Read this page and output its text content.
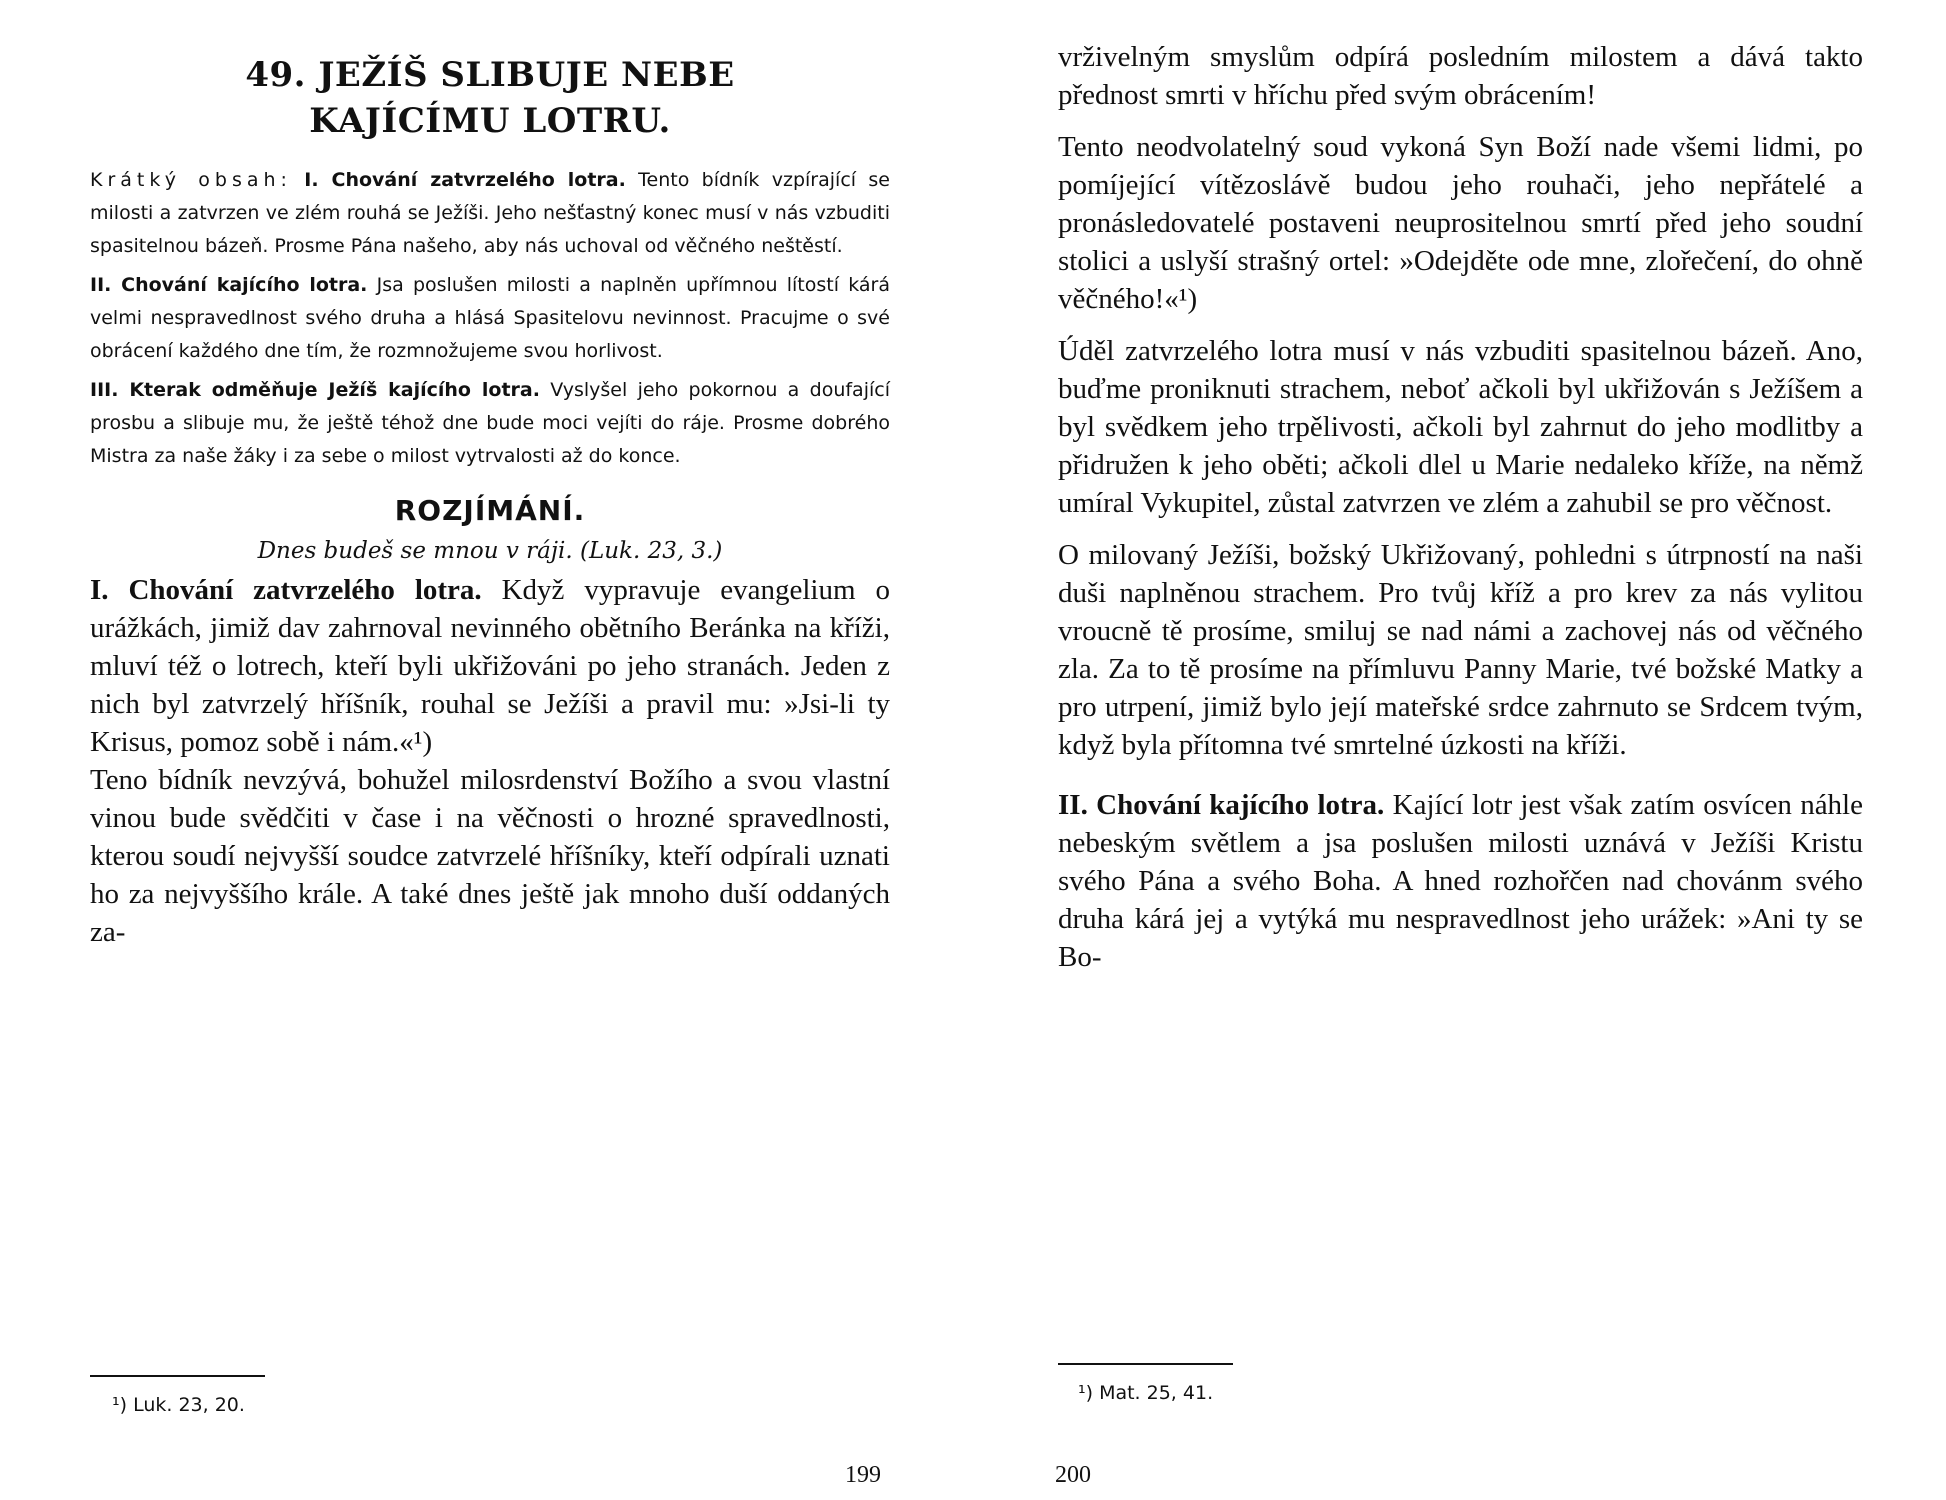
49. JEŽÍŠ SLIBUJE NEBE
KAJÍCÍMU LOTRU.

Krátký obsah: I. Chování zatvrzelého lotra. Tento bídník vzpírající se milosti a zatvrzen ve zlém rouhá se Ježíši. Jeho nešťastný konec musí v nás vzbuditi spasitelnou bázeň. Prosme Pána našeho, aby nás uchoval od věčného neštěstí.

II. Chování kajícího lotra. Jsa poslušen milosti a naplněn upřímnou lítostí kárá velmi nespravedlnost svého druha a hlásá Spasitelovu nevinnost. Pracujme o své obrácení každého dne tím, že rozmnožujeme svou horlivost.

III. Kterak odměňuje Ježíš kajícího lotra. Vyslyšel jeho pokornou a doufající prosbu a slibuje mu, že ještě téhož dne bude moci vejíti do ráje. Prosme dobrého Mistra za naše žáky i za sebe o milost vytrvalosti až do konce.

ROZJÍMÁNÍ.

Dnes budeš se mnou v ráji. (Luk. 23, 3.)

I. Chování zatvrzelého lotra. Když vypravuje evangelium o urážkách, jimiž dav zahrnoval nevinného obětního Beránka na kříži, mluví též o lotrech, kteří byli ukřižováni po jeho stranách. Jeden z nich byl zatvrzelý hříšník, rouhal se Ježíši a pravil mu: »Jsi-li ty Krisus, pomoz sobě i nám.«¹)

Teno bídník nevzývá, bohužel milosrdenství Božího a svou vlastní vinou bude svědčiti v čase i na věčnosti o hrozné spravedlnosti, kterou soudí nejvyšší soudce zatvrzelé hříšníky, kteří odpírali uznati ho za nejvyššího krále. A také dnes ještě jak mnoho duší oddaných za-

¹) Luk. 23, 20.
199

vrživelným smyslům odpírá posledním milostem a dává takto přednost smrti v hříchu před svým obrácením!

Tento neodvolatelný soud vykoná Syn Boží nade všemi lidmi, po pomíjející vítězoslávě budou jeho rouhači, jeho nepřátelé a pronásledovatelé postaveni neuprositelnou smrtí před jeho soudní stolici a uslyší strašný ortel: »Odejděte ode mne, zlořečení, do ohně věčného!«¹)

Úděl zatvrzelého lotra musí v nás vzbuditi spasitelnou bázeň. Ano, buďme proniknuti strachem, neboť ačkoli byl ukřižován s Ježíšem a byl svědkem jeho trpělivosti, ačkoli byl zahrnut do jeho modlitby a přidružen k jeho oběti; ačkoli dlel u Marie nedaleko kříže, na němž umíral Vykupitel, zůstal zatvrzen ve zlém a zahubil se pro věčnost.

O milovaný Ježíši, božský Ukřižovaný, pohledni s útrpností na naši duši naplněnou strachem. Pro tvůj kříž a pro krev za nás vylitou vroucně tě prosíme, smiluj se nad námi a zachovej nás od věčného zla. Za to tě prosíme na přímluvu Panny Marie, tvé božské Matky a pro utrpení, jimiž bylo její mateřské srdce zahrnuto se Srdcem tvým, když byla přítomna tvé smrtelné úzkosti na kříži.

II. Chování kajícího lotra. Kající lotr jest však zatím osvícen náhle nebeským světlem a jsa poslušen milosti uznává v Ježíši Kristu svého Pána a svého Boha. A hned rozhořčen nad chovánm svého druha kárá jej a vytýká mu nespravedlnost jeho urážek: »Ani ty se Bo-

¹) Mat. 25, 41.
200
